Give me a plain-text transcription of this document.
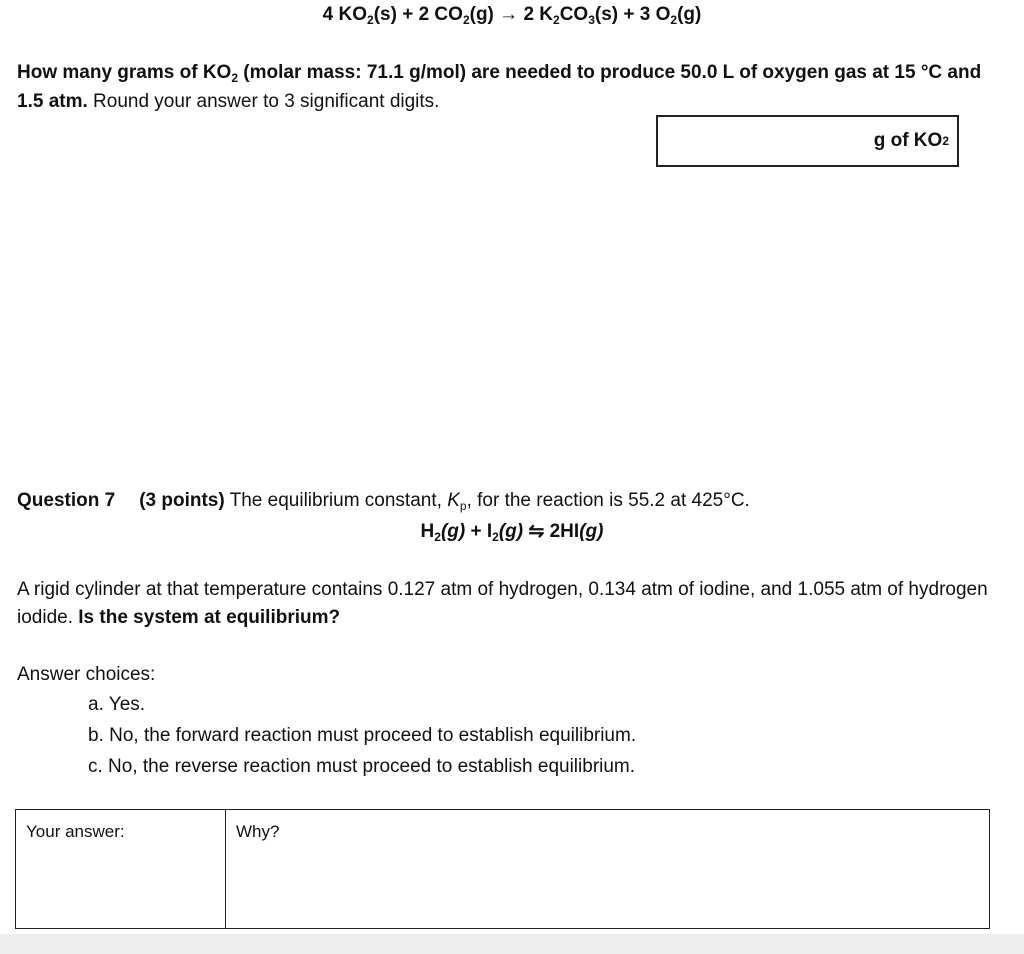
4 $KO_2(s) + 2$ $CO_2(g) \to 2$ $K_2CO_3(s) + 3$ $O_2(g)$
How many grams of $KO_2$ (molar mass: 71.1 g/mol) are needed to produce 50.0 L of oxygen gas at 15 °C and 1.5 atm. Round your answer to 3 significant digits.
g of KO 2
Question 7 (3 points) The equilibrium constant, $K_p$, for the reaction is 55.2 at 425°C.
$H_2(g) + I_2(g)$ ⇋ 2HI(g)
A rigid cylinder at that temperature contains 0.127 atm of hydrogen, 0.134 atm of iodine, and 1.055 atm of hydrogen iodide. Is the system at equilibrium?
Answer choices:
a. Yes.
b. No, the forward reaction must proceed to establish equilibrium.
c. No, the reverse reaction must proceed to establish equilibrium.
Your answer:	Why?
